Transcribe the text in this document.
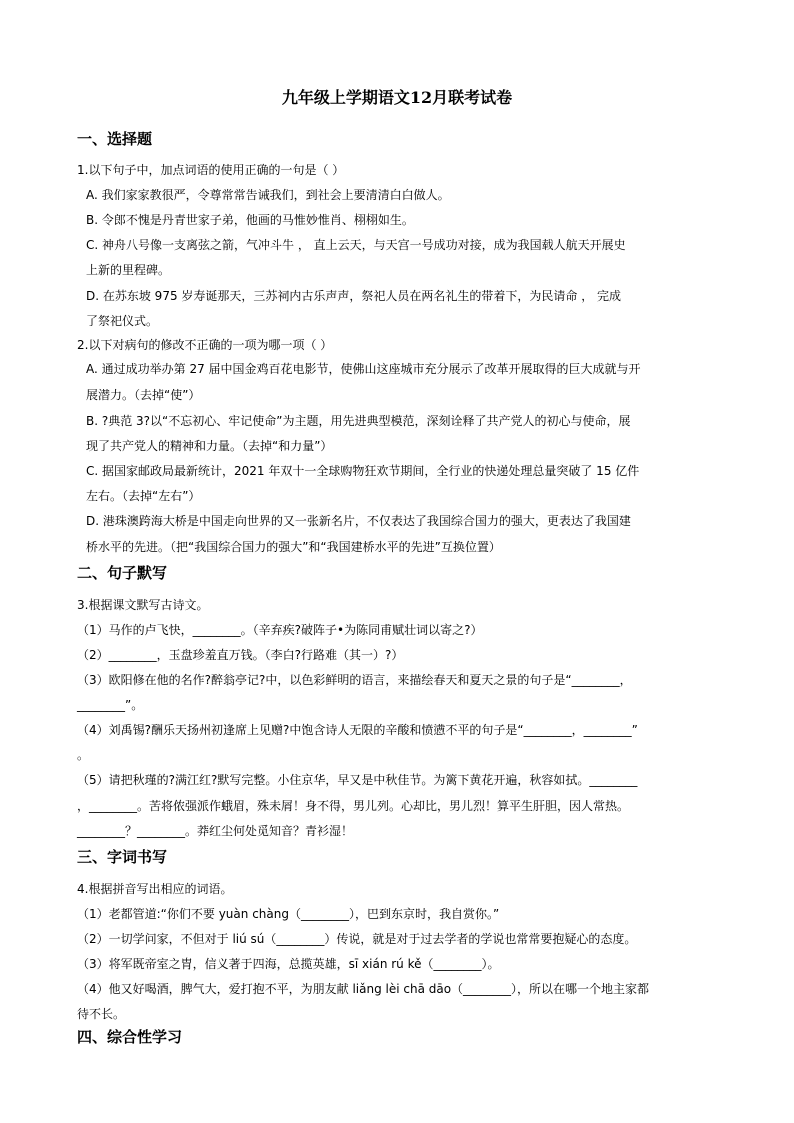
九年级上学期语文12月联考试卷
一、选择题
1.以下句子中，加点词语的使用正确的一句是（ ）
A. 我们家家教很严，令尊常常告诫我们，到社会上要清清白白做人。
B. 令郎不愧是丹青世家子弟，他画的马惟妙惟肖、栩栩如生。
C. 神舟八号像一支离弦之箭，气冲斗牛 ， 直上云天，与天宫一号成功对接，成为我国载人航天开展史
上新的里程碑。
D. 在苏东坡 975 岁寿诞那天，三苏祠内古乐声声，祭祀人员在两名礼生的带着下，为民请命 ， 完成
了祭祀仪式。
2.以下对病句的修改不正确的一项为哪一项（ ）
A. 通过成功举办第 27 届中国金鸡百花电影节，使佛山这座城市充分展示了改革开展取得的巨大成就与开
展潜力。（去掉“使”）
B. ?典范 3?以“不忘初心、牢记使命”为主题，用先进典型模范，深刻诠释了共产党人的初心与使命，展
现了共产党人的精神和力量。（去掉“和力量”）
C. 据国家邮政局最新统计，2021 年双十一全球购物狂欢节期间，全行业的快递处理总量突破了 15 亿件
左右。（去掉“左右”）
D. 港珠澳跨海大桥是中国走向世界的又一张新名片，不仅表达了我国综合国力的强大，更表达了我国建
桥水平的先进。（把“我国综合国力的强大”和“我国建桥水平的先进”互换位置）
二、句子默写
3.根据课文默写古诗文。
（1）马作的卢飞快，________。（辛弃疾?破阵子•为陈同甫赋壮词以寄之?）
（2）________，玉盘珍羞直万钱。（李白?行路难（其一）?）
（3）欧阳修在他的名作?醉翁亭记?中，以色彩鲜明的语言，来描绘春天和夏天之景的句子是“________，
________”。
（4）刘禹锡?酬乐天扬州初逢席上见赠?中饱含诗人无限的辛酸和愤懑不平的句子是“________，________”
。
（5）请把秋瑾的?满江红?默写完整。小住京华，早又是中秋佳节。为篱下黄花开遍，秋容如拭。________
，________。苦将侬强派作蛾眉，殊未屑！身不得，男儿列。心却比，男儿烈！算平生肝胆，因人常热。
________？________。莽红尘何处觅知音？青衫湿！
三、字词书写
4.根据拼音写出相应的词语。
（1）老都管道:“你们不要 yuàn chàng（________），巴到东京时，我自赏你。”
（2）一切学问家，不但对于 liú sú（________）传说，就是对于过去学者的学说也常常要抱疑心的态度。
（3）将军既帝室之胄，信义著于四海，总揽英雄，sī xián rú kě（________）。
（4）他又好喝酒，脾气大，爱打抱不平，为朋友献 liǎng lèi chā dāo（________），所以在哪一个地主家都
待不长。
四、综合性学习
